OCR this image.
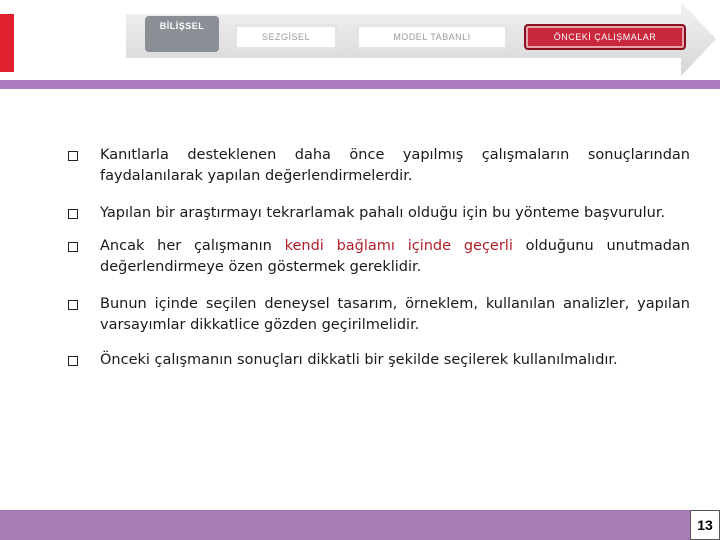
BİLİŞSEL
SEZGİSEL	MODEL TABANLI	ÖNCEKİ ÇALIŞMALAR
Kanıtlarla desteklenen daha önce yapılmış çalışmaların sonuçlarından faydalanılarak yapılan değerlendirmelerdir.
Yapılan bir araştırmayı tekrarlamak pahalı olduğu için bu yönteme başvurulur.
Ancak her çalışmanın kendi bağlamı içinde geçerli olduğunu unutmadan değerlendirmeye özen göstermek gereklidir.
Bunun içinde seçilen deneysel tasarım, örneklem, kullanılan analizler, yapılan varsayımlar dikkatlice gözden geçirilmelidir.
Önceki çalışmanın sonuçları dikkatli bir şekilde seçilerek kullanılmalıdır.
13
